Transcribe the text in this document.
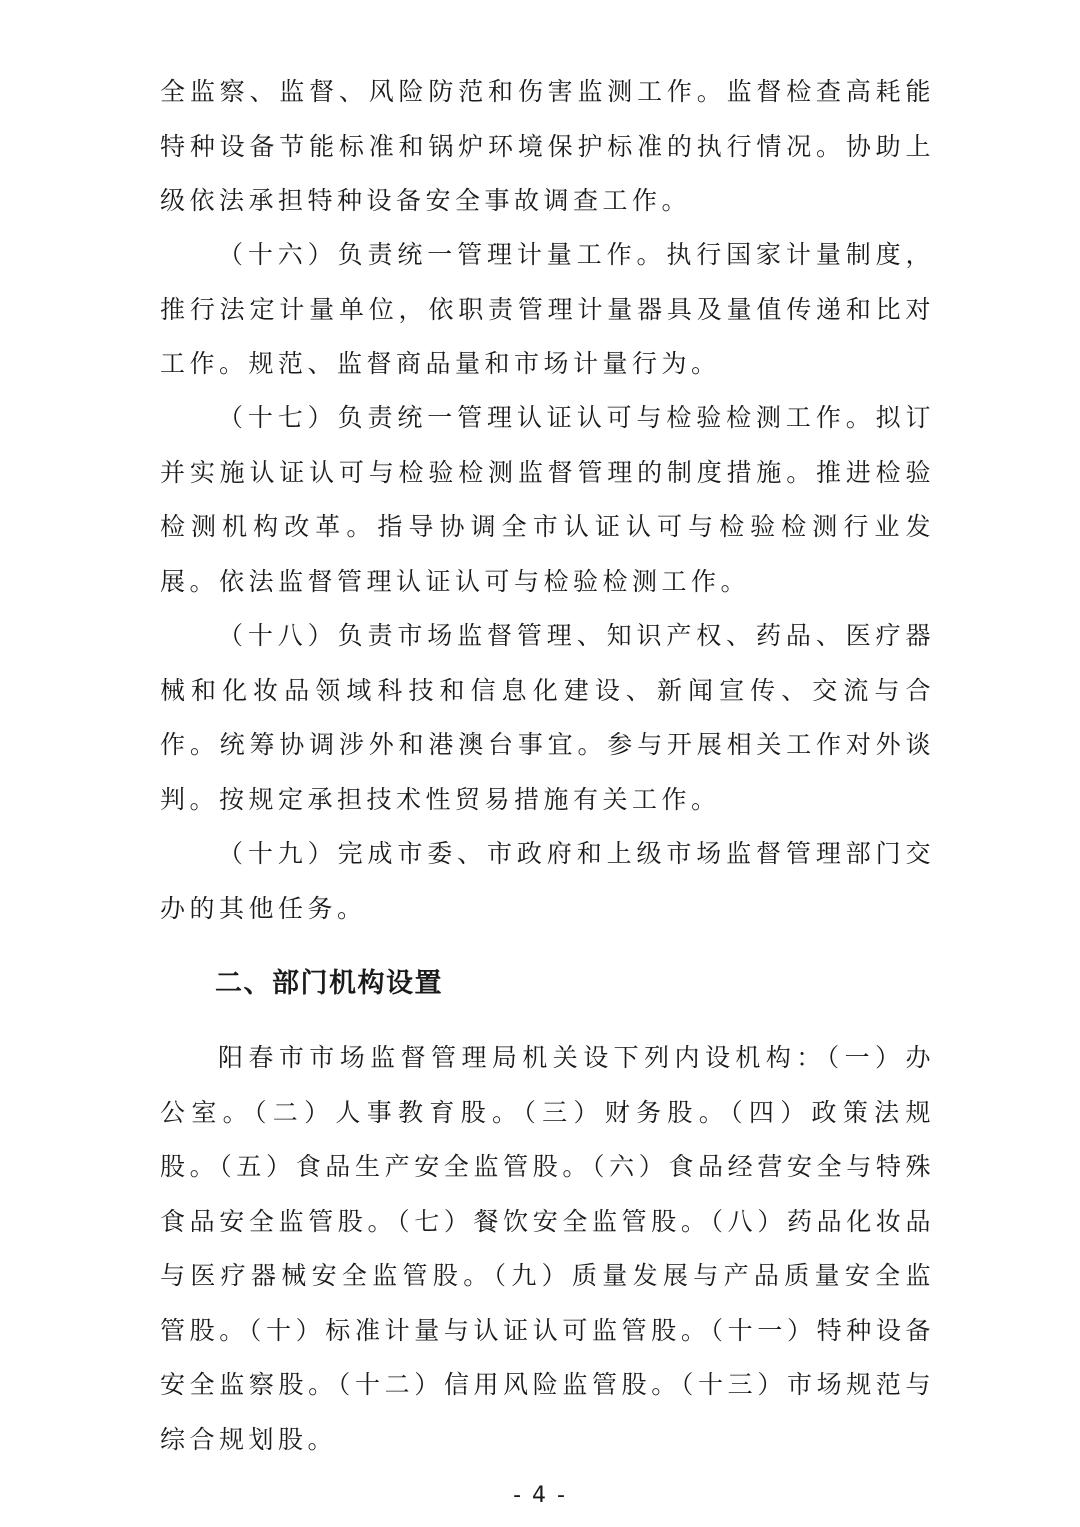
全监察、监督、风险防范和伤害监测工作。监督检查高耗能特种设备节能标准和锅炉环境保护标准的执行情况。协助上级依法承担特种设备安全事故调查工作。

（十六）负责统一管理计量工作。执行国家计量制度，推行法定计量单位，依职责管理计量器具及量值传递和比对工作。规范、监督商品量和市场计量行为。

（十七）负责统一管理认证认可与检验检测工作。拟订并实施认证认可与检验检测监督管理的制度措施。推进检验检测机构改革。指导协调全市认证认可与检验检测行业发展。依法监督管理认证认可与检验检测工作。

（十八）负责市场监督管理、知识产权、药品、医疗器械和化妆品领域科技和信息化建设、新闻宣传、交流与合作。统筹协调涉外和港澳台事宜。参与开展相关工作对外谈判。按规定承担技术性贸易措施有关工作。

（十九）完成市委、市政府和上级市场监督管理部门交办的其他任务。

二、部门机构设置

阳春市市场监督管理局机关设下列内设机构：（一）办公室。（二）人事教育股。（三）财务股。（四）政策法规股。（五）食品生产安全监管股。（六）食品经营安全与特殊食品安全监管股。（七）餐饮安全监管股。（八）药品化妆品与医疗器械安全监管股。（九）质量发展与产品质量安全监管股。（十）标准计量与认证认可监管股。（十一）特种设备安全监察股。（十二）信用风险监管股。（十三）市场规范与综合规划股。

- 4 -
